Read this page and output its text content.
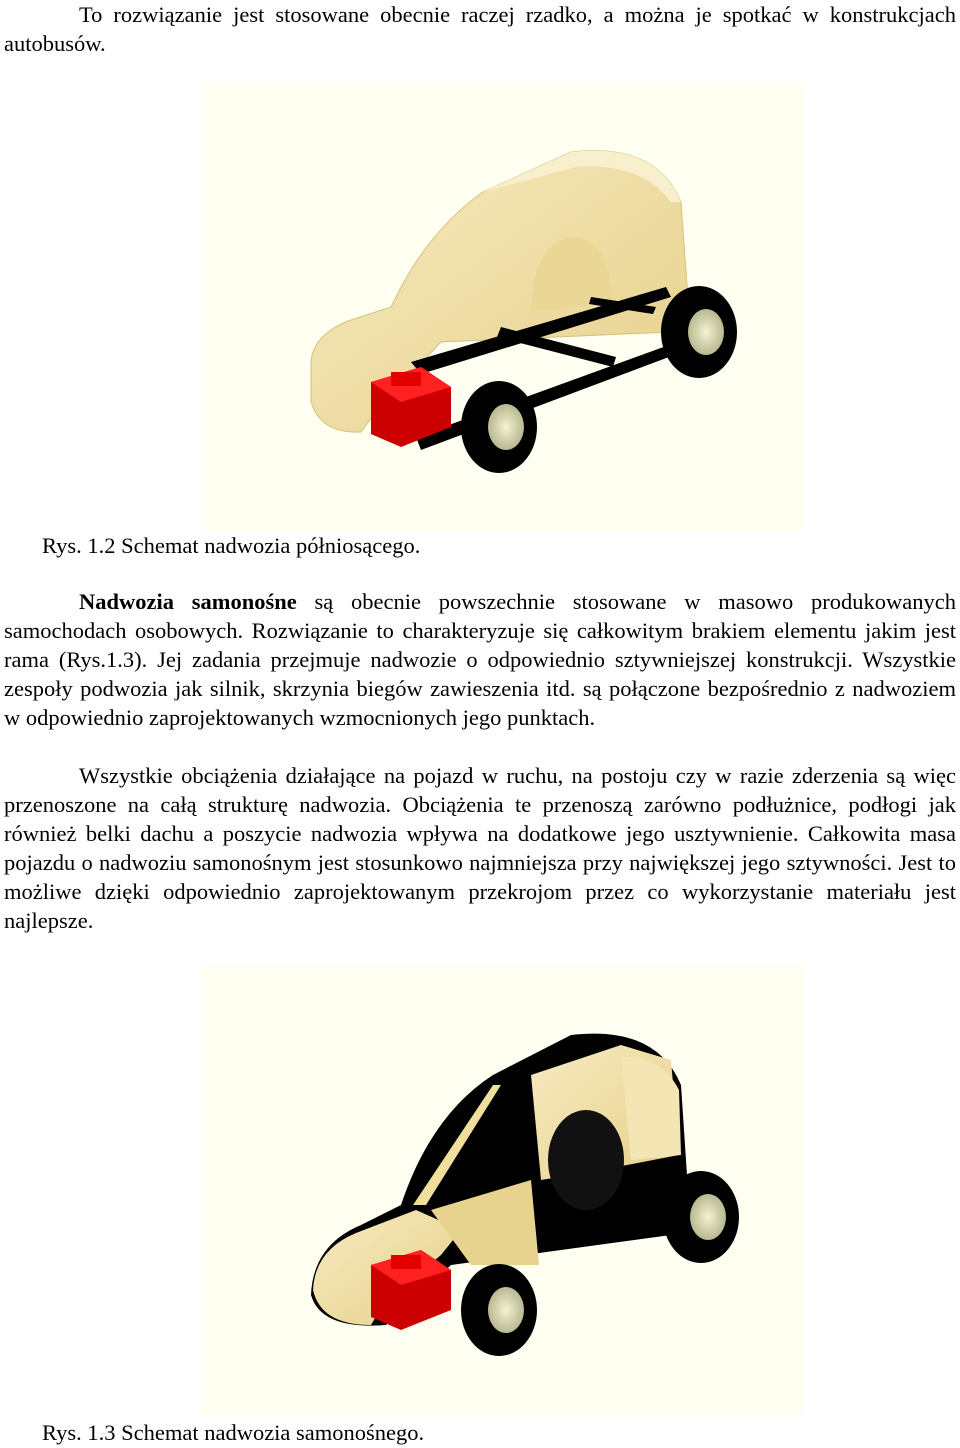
To rozwiązanie jest stosowane obecnie raczej rzadko, a można je spotkać w konstrukcjach autobusów.

Rys. 1.2 Schemat nadwozia półniosącego.

Nadwozia samonośne są obecnie powszechnie stosowane w masowo produkowanych samochodach osobowych. Rozwiązanie to charakteryzuje się całkowitym brakiem elementu jakim jest rama (Rys.1.3). Jej zadania przejmuje nadwozie o odpowiednio sztywniejszej konstrukcji. Wszystkie zespoły podwozia jak silnik, skrzynia biegów zawieszenia itd. są połączone bezpośrednio z nadwoziem w odpowiednio zaprojektowanych wzmocnionych jego punktach.

Wszystkie obciążenia działające na pojazd w ruchu, na postoju czy w razie zderzenia są więc przenoszone na całą strukturę nadwozia. Obciążenia te przenoszą zarówno podłużnice, podłogi jak również belki dachu a poszycie nadwozia wpływa na dodatkowe jego usztywnienie. Całkowita masa pojazdu o nadwoziu samonośnym jest stosunkowo najmniejsza przy największej jego sztywności. Jest to możliwe dzięki odpowiednio zaprojektowanym przekrojom przez co wykorzystanie materiału jest najlepsze.

Rys. 1.3 Schemat nadwozia samonośnego.
